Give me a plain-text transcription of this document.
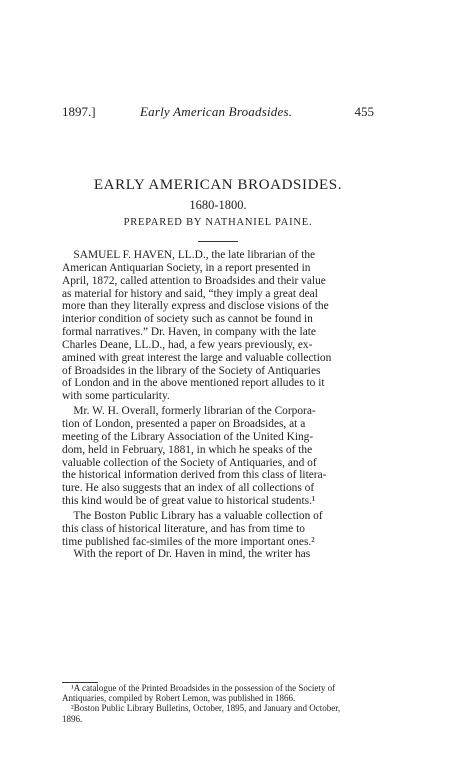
1897.]	Early American Broadsides.	455
EARLY AMERICAN BROADSIDES.
1680-1800.
PREPARED BY NATHANIEL PAINE.
 SAMUEL F. HAVEN, LL.D., the late librarian of the
American Antiquarian Society, in a report presented in
April, 1872, called attention to Broadsides and their value
as material for history and said, “they imply a great deal
more than they literally express and disclose visions of the
interior condition of society such as cannot be found in
formal narratives.” Dr. Haven, in company with the late
Charles Deane, LL.D., had, a few years previously, ex-
amined with great interest the large and valuable collection
of Broadsides in the library of the Society of Antiquaries
of London and in the above mentioned report alludes to it
with some particularity.
 Mr. W. H. Overall, formerly librarian of the Corpora-
tion of London, presented a paper on Broadsides, at a
meeting of the Library Association of the United King-
dom, held in February, 1881, in which he speaks of the
valuable collection of the Society of Antiquaries, and of
the historical information derived from this class of litera-
ture. He also suggests that an index of all collections of
this kind would be of great value to historical students.¹
 The Boston Public Library has a valuable collection of
this class of historical literature, and has from time to
time published fac-similes of the more important ones.²
 With the report of Dr. Haven in mind, the writer has
 ¹A catalogue of the Printed Broadsides in the possession of the Society of
Antiquaries, compiled by Robert Lemon, was published in 1866.
 ²Boston Public Library Bulletins, October, 1895, and January and October,
1896.
